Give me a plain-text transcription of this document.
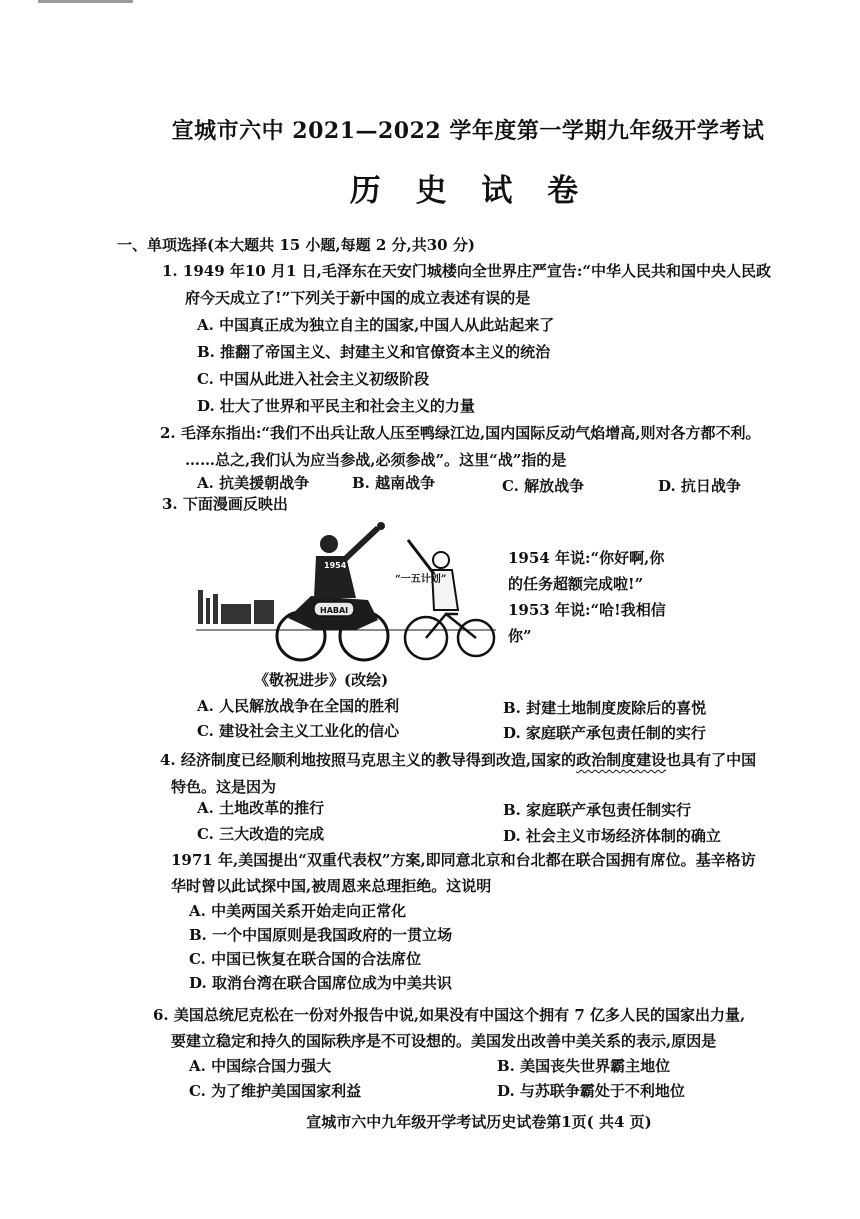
宣城市六中 2021—2022 学年度第一学期九年级开学考试
历 史 试 卷
一、单项选择(本大题共 15 小题,每题 2 分,共30 分)
1. 1949 年10 月1 日,毛泽东在天安门城楼向全世界庄严宣告:“中华人民共和国中央人民政
府今天成立了!”下列关于新中国的成立表述有误的是
A. 中国真正成为独立自主的国家,中国人从此站起来了
B. 推翻了帝国主义、封建主义和官僚资本主义的统治
C. 中国从此进入社会主义初级阶段
D. 壮大了世界和平民主和社会主义的力量
2. 毛泽东指出:“我们不出兵让敌人压至鸭绿江边,国内国际反动气焰增高,则对各方都不利。
……总之,我们认为应当参战,必须参战”。这里“战”指的是
A. 抗美援朝战争	B. 越南战争	C. 解放战争	D. 抗日战争
3. 下面漫画反映出
HABAI
1954
“一五计划”
1954 年说:“你好啊,你
的任务超额完成啦!”
1953 年说:“哈!我相信
你”
《敬祝进步》(改绘)
A. 人民解放战争在全国的胜利	B. 封建土地制度废除后的喜悦
C. 建设社会主义工业化的信心	D. 家庭联产承包责任制的实行
4. 经济制度已经顺利地按照马克思主义的教导得到改造,国家的政治制度建设也具有了中国
特色。这是因为
A. 土地改革的推行	B. 家庭联产承包责任制实行
C. 三大改造的完成	D. 社会主义市场经济体制的确立
1971 年,美国提出“双重代表权”方案,即同意北京和台北都在联合国拥有席位。基辛格访
华时曾以此试探中国,被周恩来总理拒绝。这说明
A. 中美两国关系开始走向正常化
B. 一个中国原则是我国政府的一贯立场
C. 中国已恢复在联合国的合法席位
D. 取消台湾在联合国席位成为中美共识
6. 美国总统尼克松在一份对外报告中说,如果没有中国这个拥有 7 亿多人民的国家出力量,
要建立稳定和持久的国际秩序是不可设想的。美国发出改善中美关系的表示,原因是
A. 中国综合国力强大	B. 美国丧失世界霸主地位
C. 为了维护美国国家利益	D. 与苏联争霸处于不利地位
宣城市六中九年级开学考试历史试卷第1页( 共4 页)
